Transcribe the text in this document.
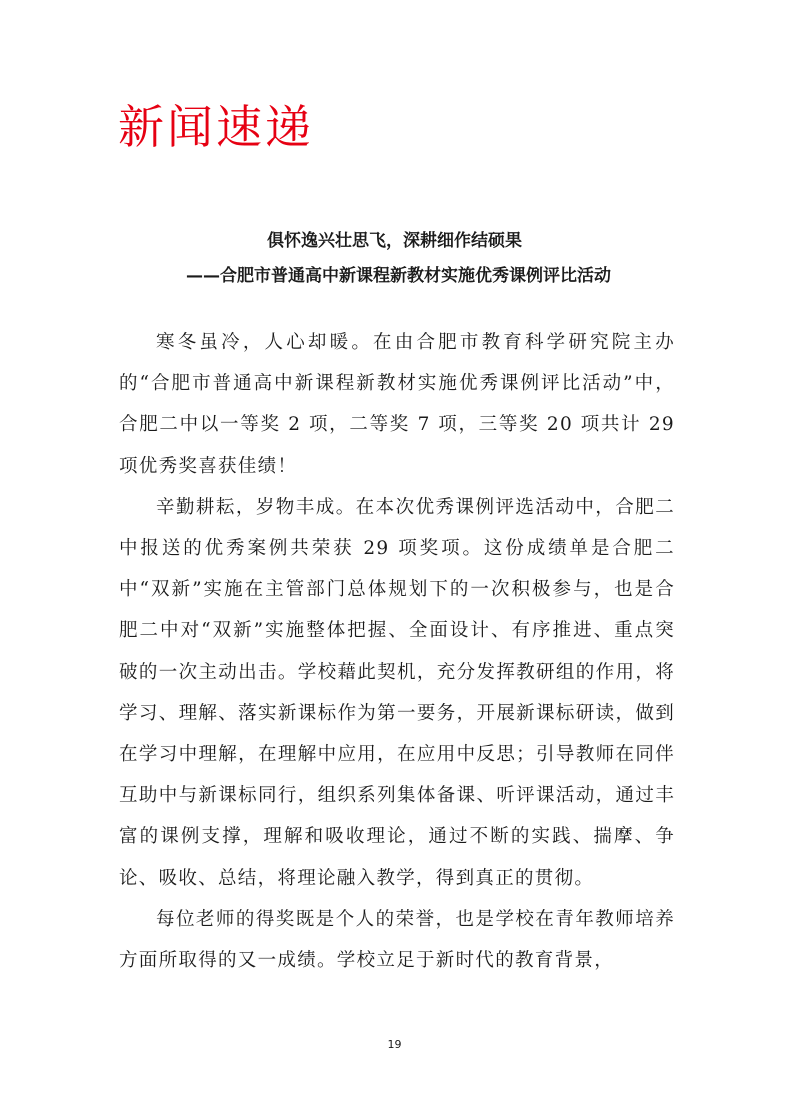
新闻速递

俱怀逸兴壮思飞，深耕细作结硕果

——合肥市普通高中新课程新教材实施优秀课例评比活动

寒冬虽冷，人心却暖。在由合肥市教育科学研究院主办的“合肥市普通高中新课程新教材实施优秀课例评比活动”中，合肥二中以一等奖 2 项，二等奖 7 项，三等奖 20 项共计 29 项优秀奖喜获佳绩！

辛勤耕耘，岁物丰成。在本次优秀课例评选活动中，合肥二中报送的优秀案例共荣获 29 项奖项。这份成绩单是合肥二中“双新”实施在主管部门总体规划下的一次积极参与，也是合肥二中对“双新”实施整体把握、全面设计、有序推进、重点突破的一次主动出击。学校藉此契机，充分发挥教研组的作用，将学习、理解、落实新课标作为第一要务，开展新课标研读，做到在学习中理解，在理解中应用，在应用中反思；引导教师在同伴互助中与新课标同行，组织系列集体备课、听评课活动，通过丰富的课例支撑，理解和吸收理论，通过不断的实践、揣摩、争论、吸收、总结，将理论融入教学，得到真正的贯彻。

每位老师的得奖既是个人的荣誉，也是学校在青年教师培养方面所取得的又一成绩。学校立足于新时代的教育背景，

19
